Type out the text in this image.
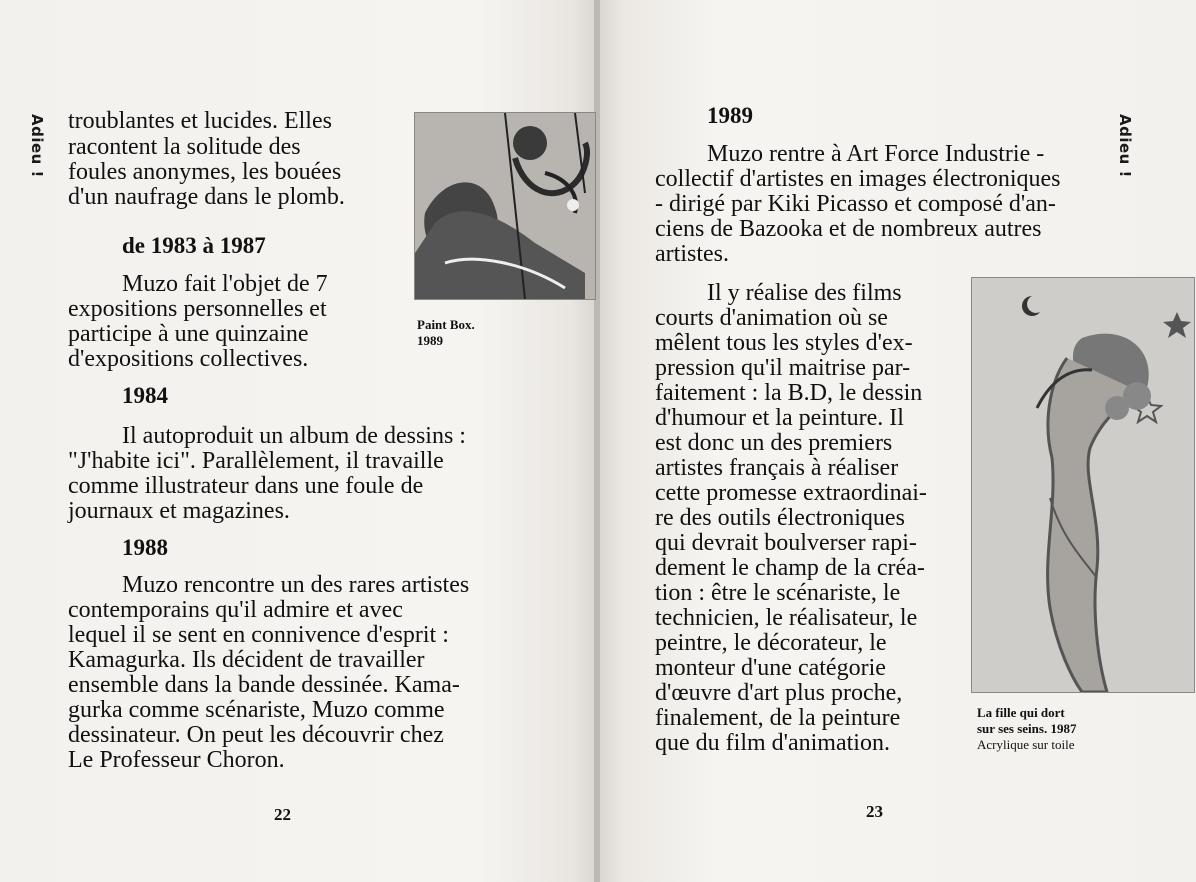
Adieu !	Adieu !
troublantes et lucides. Elles
racontent la solitude des
foules anonymes, les bouées
d'un naufrage dans le plomb.
de 1983 à 1987
Muzo fait l'objet de 7
expositions personnelles et
participe à une quinzaine
d'expositions collectives.
1984
Il autoproduit un album de dessins :
"J'habite ici". Parallèlement, il travaille
comme illustrateur dans une foule de
journaux et magazines.
1988
Muzo rencontre un des rares artistes
contemporains qu'il admire et avec
lequel il se sent en connivence d'esprit :
Kamagurka. Ils décident de travailler
ensemble dans la bande dessinée. Kama-
gurka comme scénariste, Muzo comme
dessinateur. On peut les découvrir chez
Le Professeur Choron.
Paint Box.
1989
22
1989
Muzo rentre à Art Force Industrie -
collectif d'artistes en images électroniques
- dirigé par Kiki Picasso et composé d'an-
ciens de Bazooka et de nombreux autres
artistes.
Il y réalise des films
courts d'animation où se
mêlent tous les styles d'ex-
pression qu'il maitrise par-
faitement : la B.D, le dessin
d'humour et la peinture. Il
est donc un des premiers
artistes français à réaliser
cette promesse extraordinai-
re des outils électroniques
qui devrait boulverser rapi-
dement le champ de la créa-
tion : être le scénariste, le
technicien, le réalisateur, le
peintre, le décorateur, le
monteur d'une catégorie
d'œuvre d'art plus proche,
finalement, de la peinture
que du film d'animation.
La fille qui dort
sur ses seins. 1987
Acrylique sur toile
23
